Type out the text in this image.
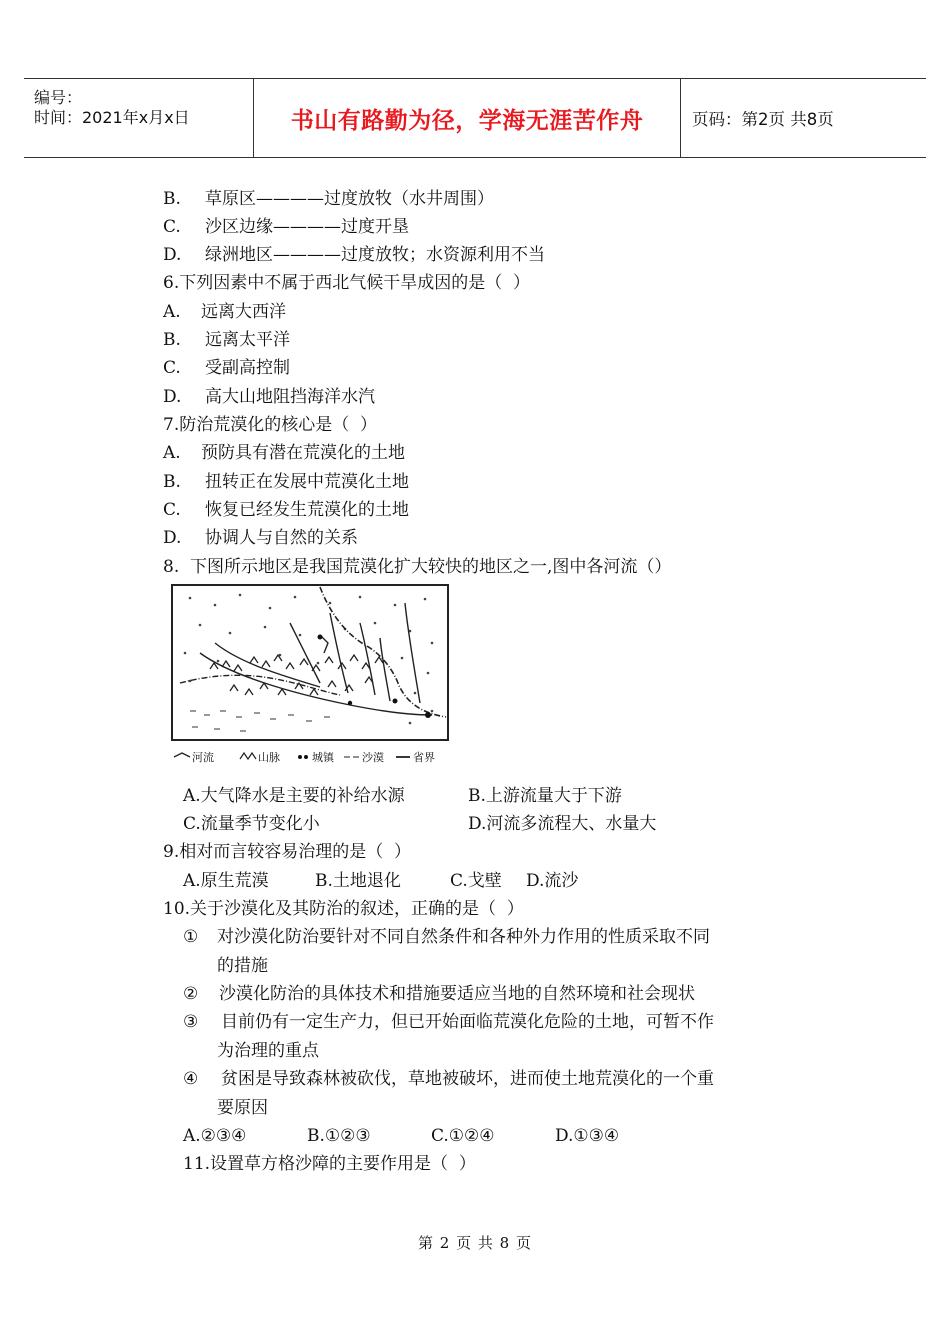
编号：
时间：2021年x月x日	书山有路勤为径，学海无涯苦作舟	页码：第2页 共8页
B. 草原区————过度放牧（水井周围）
C. 沙区边缘————过度开垦
D. 绿洲地区————过度放牧；水资源利用不当
6.下列因素中不属于西北气候干旱成因的是（  ）
A. 远离大西洋
B. 远离太平洋
C. 受副高控制
D. 高大山地阻挡海洋水汽
7.防治荒漠化的核心是（  ）
A. 预防具有潜在荒漠化的土地
B. 扭转正在发展中荒漠化土地
C. 恢复已经发生荒漠化的土地
D. 协调人与自然的关系
8.  下图所示地区是我国荒漠化扩大较快的地区之一,图中各河流（）
河流	山脉	城镇	沙漠	省界
A.大气降水是主要的补给水源	B.上游流量大于下游
C.流量季节变化小	D.河流多流程大、水量大
9.相对而言较容易治理的是（  ）
A.原生荒漠	B.土地退化	C.戈壁 D.流沙
10.关于沙漠化及其防治的叙述，正确的是（  ）
① 对沙漠化防治要针对不同自然条件和各种外力作用的性质采取不同
的措施
② 沙漠化防治的具体技术和措施要适应当地的自然环境和社会现状
③ 目前仍有一定生产力，但已开始面临荒漠化危险的土地，可暂不作
为治理的重点
④ 贫困是导致森林被砍伐，草地被破坏，进而使土地荒漠化的一个重
要原因
A.②③④	B.①②③	C.①②④	D.①③④
11.设置草方格沙障的主要作用是（  ）
第 2 页 共 8 页
